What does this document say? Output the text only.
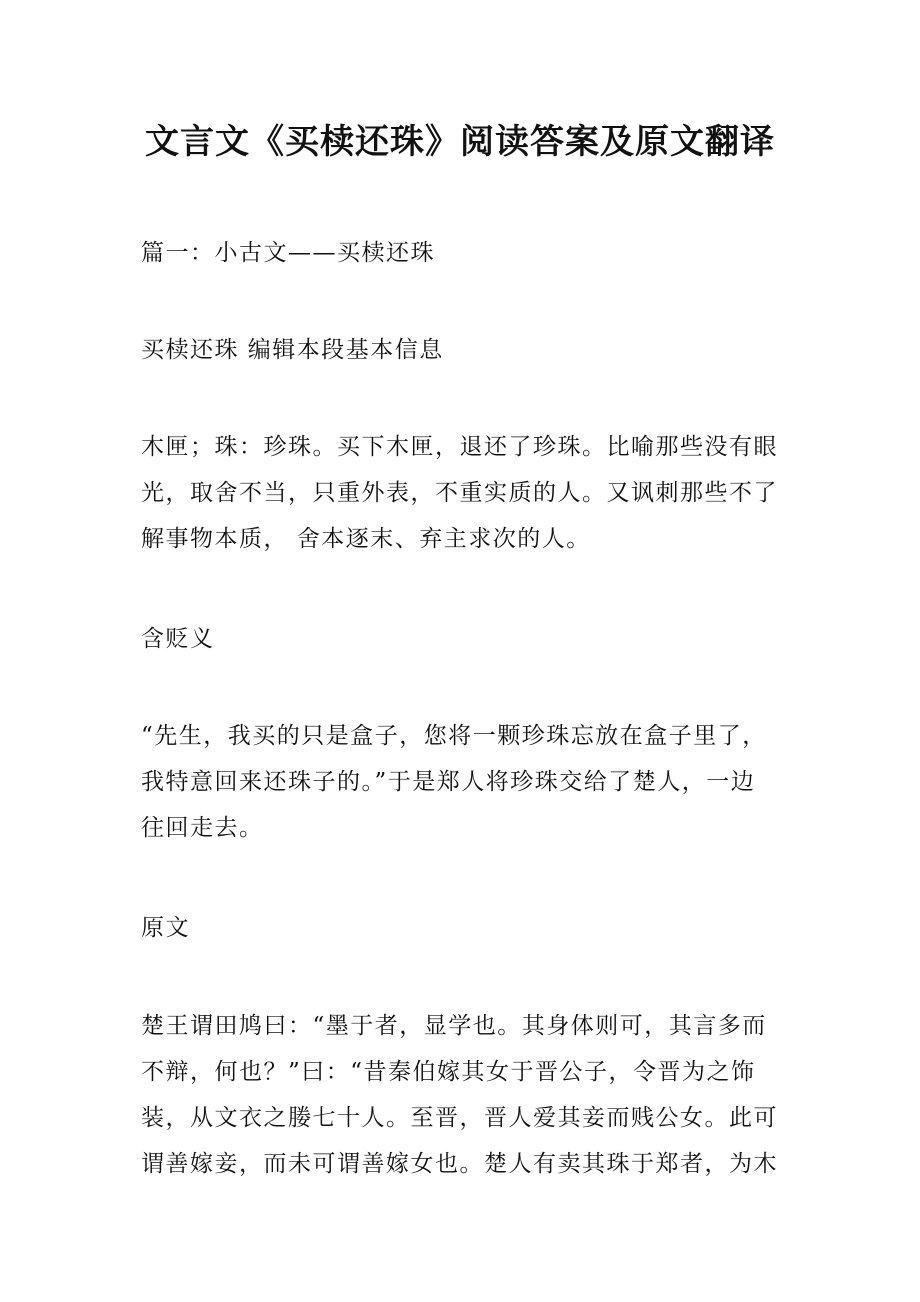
文言文《买椟还珠》阅读答案及原文翻译
篇一：小古文——买椟还珠
买椟还珠 编辑本段基本信息
木匣；珠：珍珠。买下木匣，退还了珍珠。比喻那些没有眼
光，取舍不当，只重外表，不重实质的人。又讽刺那些不了
解事物本质， 舍本逐末、弃主求次的人。
含贬义
“先生，我买的只是盒子，您将一颗珍珠忘放在盒子里了，
我特意回来还珠子的。”于是郑人将珍珠交给了楚人，一边
往回走去。
原文
楚王谓田鸠曰：“墨于者，显学也。其身体则可，其言多而
不辩，何也？”曰：“昔秦伯嫁其女于晋公子，令晋为之饰
装，从文衣之媵七十人。至晋，晋人爱其妾而贱公女。此可
谓善嫁妾，而未可谓善嫁女也。楚人有卖其珠于郑者，为木
